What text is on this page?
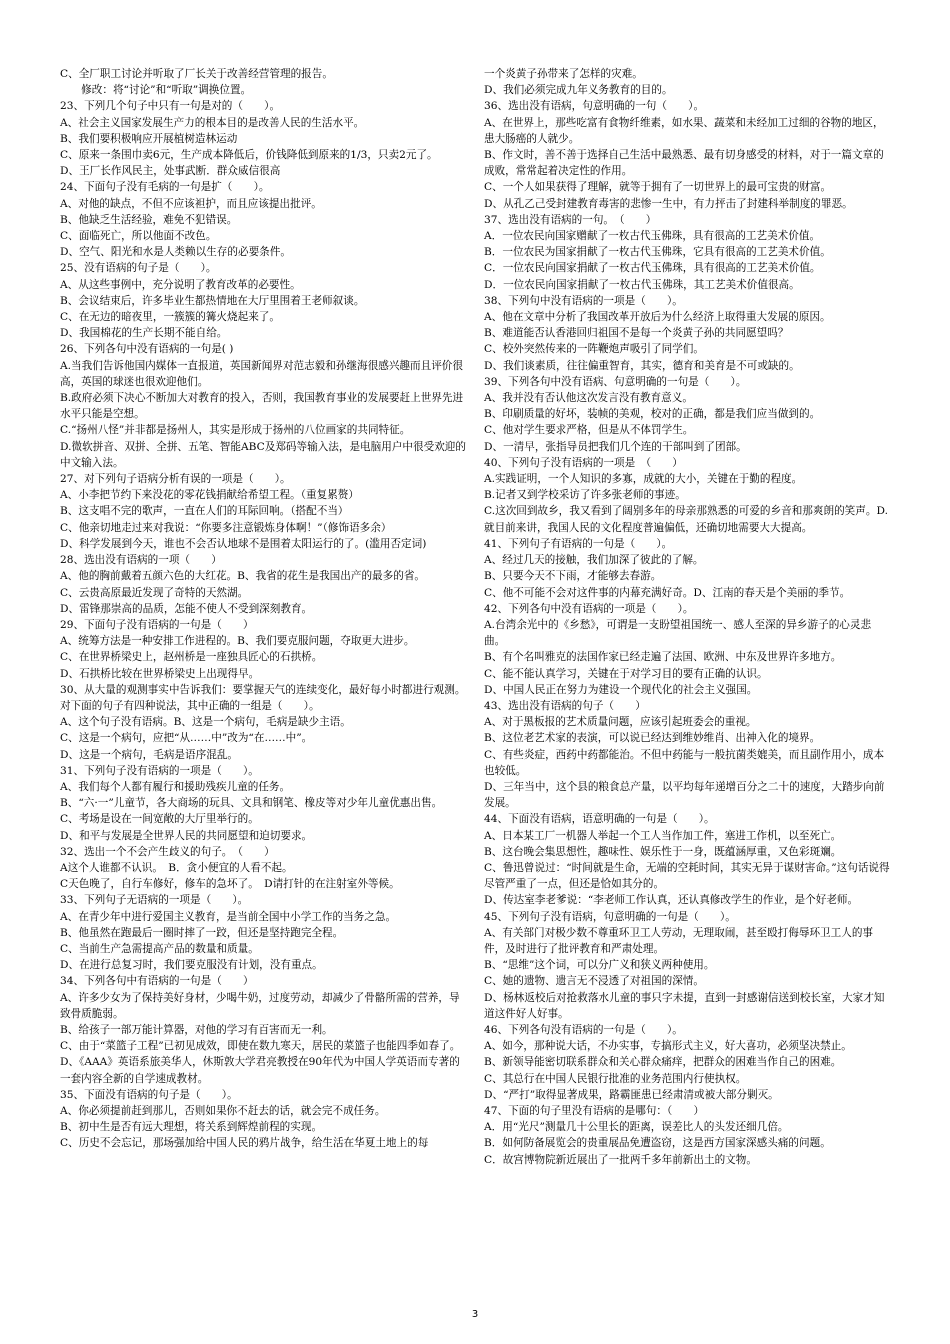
C、全厂职工讨论并听取了厂长关于改善经营管理的报告。

　　修改：将“讨论”和“听取”调换位置。

23、下列几个句子中只有一句是对的（　　）。

A、社会主义国家发展生产力的根本目的是改善人民的生活水平。

B、我们要积极响应开展植树造林运动

C、原来一条围巾卖6元，生产成本降低后，价钱降低到原来的1/3，只卖2元了。

D、王厂长作风民主，处事武断．群众威信很高

24、下面句子没有毛病的一句是扩（　　）。

A、对他的缺点，不但不应该袒护，而且应该提出批评。

B、他缺乏生活经验，难免不犯错误。

C、面临死亡，所以他面不改色。

D、空气、阳光和水是人类赖以生存的必要条件。

25、没有语病的句子是（　　）。

A、从这些事例中，充分说明了教育改革的必要性。

B、会议结束后，许多毕业生都热情地在大厅里围着王老师叙谈。

C、在无边的暗夜里，一簇簇的篝火烧起来了。

D、我国棉花的生产长期不能自给。

26、下列各句中没有语病的一句是( )

A.当我们告诉他国内媒体一直报道，英国新闻界对范志毅和孙继海很感兴趣而且评价很高，英国的球迷也很欢迎他们。

B.政府必须下决心不断加大对教育的投入，否则，我国教育事业的发展要赶上世界先进水平只能是空想。

C.“扬州八怪”并非都是扬州人，其实是形成于扬州的八位画家的共同特征。

D.微软拼音、双拼、全拼、五笔、智能ABC及郑码等输入法，是电脑用户中很受欢迎的中文输入法。

27、对下列句子语病分析有误的一项是（　　）。

A、小李把节约下来没花的零花钱捐献给希望工程。（重复累赘）

B、这支唱不完的歌声，一直在人们的耳际回响。（搭配不当）

C、他亲切地走过来对我说：“你要多注意锻炼身体啊！”（修饰语多余）

D、科学发展到今天，谁也不会否认地球不是围着太阳运行的了。(滥用否定词)

28、选出没有语病的一项（　　）

A、他的胸前戴着五颜六色的大红花。B、我省的花生是我国出产的最多的省。

C、云贵高原最近发现了奇特的天然湖。

D、雷锋那崇高的品质，怎能不使人不受到深刻教育。

29、下面句子没有语病的一句是（　　）

A、统筹方法是一种安排工作进程的。B、我们要克服问题，夺取更大进步。

C、在世界桥梁史上，赵州桥是一座独具匠心的石拱桥。

D、石拱桥比较在世界桥梁史上出现得早。

30、从大量的观测事实中告诉我们：要掌握天气的连续变化，最好每小时都进行观测。对下面的句子有四种说法，其中正确的一组是（　　）。

A、这个句子没有语病。B、这是一个病句，毛病是缺少主语。

C、这是一个病句，应把“从……中”改为“在……中”。

D、这是一个病句，毛病是语序混乱。

31、下列句子没有语病的一项是（　　）。

A、我们每个人都有履行和援助残疾儿童的任务。

B、“六·一”儿童节，各大商场的玩具、文具和钢笔、橡皮等对少年儿童优惠出售。　　　　C、考场是设在一间宽敞的大厅里举行的。

D、和平与发展是全世界人民的共同愿望和迫切要求。

32、选出一个不会产生歧义的句子。　（　　）

A这个人谁都不认识。　B．贪小便宜的人看不起。

C天色晚了，自行车修好，修车的急坏了。　D请打针的在注射室外等候。

33、下列句子无语病的一项是（　　）。

A、在青少年中进行爱国主义教育，是当前全国中小学工作的当务之急。

B、他虽然在跑最后一圈时摔了一跤，但还是坚持跑完全程。

C、当前生产急需提高产品的数量和质量。

D、在进行总复习时，我们要克服没有计划，没有重点。

34、下列各句中有语病的一句是（　　）

A、许多少女为了保持美好身材，少喝牛奶，过度劳动，却减少了骨骼所需的营养，导致骨质脆弱。

B、给孩子一部万能计算器，对他的学习有百害而无一利。

C、由于“菜篮子工程”已初见成效，即使在数九寒天，居民的菜篮子也能四季如春了。

D、《AAA》英语系旅美华人，休斯敦大学君亮教授在90年代为中国人学英语而专著的一套内容全新的自学速成教材。

35、下面没有语病的句子是（　　）。

A、你必须提前赶到那儿，否则如果你不赶去的话，就会完不成任务。

B、初中生是否有远大理想，将关系到辉煌前程的实现。

C、历史不会忘记，那场强加给中国人民的鸦片战争，给生活在华夏土地上的每

一个炎黄子孙带来了怎样的灾难。

D、我们必须完成九年义务教育的目的。

36、选出没有语病，句意明确的一句（　　）。

A、在世界上，那些吃富有食物纤维素，如水果、蔬菜和未经加工过细的谷物的地区，患大肠癌的人就少。

B、作文时，善不善于选择自己生活中最熟悉、最有切身感受的材料，对于一篇文章的成败，常常起着决定性的作用。

C、一个人如果获得了理解，就等于拥有了一切世界上的最可宝贵的财富。

D、从孔乙己受封建教育毒害的悲惨一生中，有力抨击了封建科举制度的罪恶。

37、选出没有语病的一句。　（　　）

A．一位农民向国家赠献了一枚古代玉佛珠，具有很高的工艺美术价值。

B．一位农民为国家捐献了一枚古代玉佛珠，它具有很高的工艺美术价值。

C．一位农民向国家捐献了一枚古代玉佛珠，具有很高的工艺美术价值。

D．一位农民向国家捐献了一枚古代玉佛珠，其工艺美术价值很高。

38、下列句中没有语病的一项是（　　）。

A、他在文章中分析了我国改革开放后为什么经济上取得重大发展的原因。

B、难道能否认香港回归祖国不是每一个炎黄子孙的共同愿望吗？

C、校外突然传来的一阵鞭炮声吸引了同学们。

D、我们谈素质，往往偏重智育，其实，德育和美育是不可或缺的。

39、下列各句中没有语病、句意明确的一句是（　　）。

A、我并没有否认他这次发言没有教育意义。

B、印刷质量的好坏，装帧的美观，校对的正确，都是我们应当做到的。

C、他对学生要求严格，但是从不体罚学生。

D、一清早，张指导员把我们几个连的干部叫到了团部。

40、下列句子没有语病的一项是　（　　）

A.实践证明，一个人知识的多寡，成就的大小，关键在于勤的程度。

B.记者又到学校采访了许多张老师的事迹。

C.这次回到故乡，我又看到了阔别多年的母亲那熟悉的可爱的乡音和那爽朗的笑声。D.就目前来讲，我国人民的文化程度普遍偏低，还确切地需要大大提高。

41、下列句子有语病的一句是（　　）。

A、经过几天的接触，我们加深了彼此的了解。

B、只要今天不下雨，才能够去春游。

C、他不可能不会对这件事的内幕充满好奇。D、江南的春天是个美丽的季节。

42、下列各句中没有语病的一项是（　　）。

A.台湾余光中的《乡愁》，可谓是一支盼望祖国统一、感人至深的异乡游子的心灵悲曲。

B、有个名叫雅克的法国作家已经走遍了法国、欧洲、中东及世界许多地方。

C、能不能认真学习，关键在于对学习目的要有正确的认识。

D、中国人民正在努力为建设一个现代化的社会主义强国。

43、选出没有语病的句子（　　）

A、对于黑板报的艺术质量问题，应该引起班委会的重视。

B、这位老艺术家的表演，可以说已经达到维妙维肖、出神入化的境界。

C、有些炎症，西药中药都能治。不但中药能与一般抗菌类媲美，而且副作用小，成本也较低。

D、三年当中，这个县的粮食总产量，以平均每年递增百分之二十的速度，大踏步向前发展。

44、下面没有语病，语意明确的一句是（　　）。

A、日本某工厂一机器人举起一个工人当作加工件，塞进工作机，以至死亡。

B、这台晚会集思想性，趣味性、娱乐性于一身，既蕴涵厚重，又色彩斑斓。

C、鲁迅曾说过：“时间就是生命，无端的空耗时间，其实无异于谋财害命。”这句话说得尽管严重了一点，但还是恰如其分的。

D、传达室李老爹说：“李老师工作认真，还认真修改学生的作业，是个好老师。

45、下列句子没有语病，句意明确的一句是（　　）。

A、有关部门对极少数不尊重环卫工人劳动，无理取闹，甚至殴打侮辱环卫工人的事件，及时进行了批评教育和严肃处理。

B、“思维”这个词，可以分广义和狭义两种使用。

C、她的遗物、遗言无不浸透了对祖国的深情。

D、杨林返校后对抢救落水儿童的事只字未提，直到一封感谢信送到校长室，大家才知道这件好人好事。

46、下列各句没有语病的一句是（　　）。

A、如今，那种说大话，不办实事，专搞形式主义，好大喜功，必须坚决禁止。

B、新领导能密切联系群众和关心群众痛痒，把群众的困难当作自己的困难。

C、其总行在中国人民银行批准的业务范围内行使执权。

D、“严打”取得显著成果，路霸匪患已经肃清或被大部分剿灭。

47、下面的句子里没有语病的是哪句：（　　）

A．用“光尺”测量几十公里长的距离，误差比人的头发还细几倍。

B．如何防备展览会的贵重展品免遭盗窃，这是西方国家深感头痛的问题。

C．故宫博物院新近展出了一批两千多年前新出土的文物。

3
